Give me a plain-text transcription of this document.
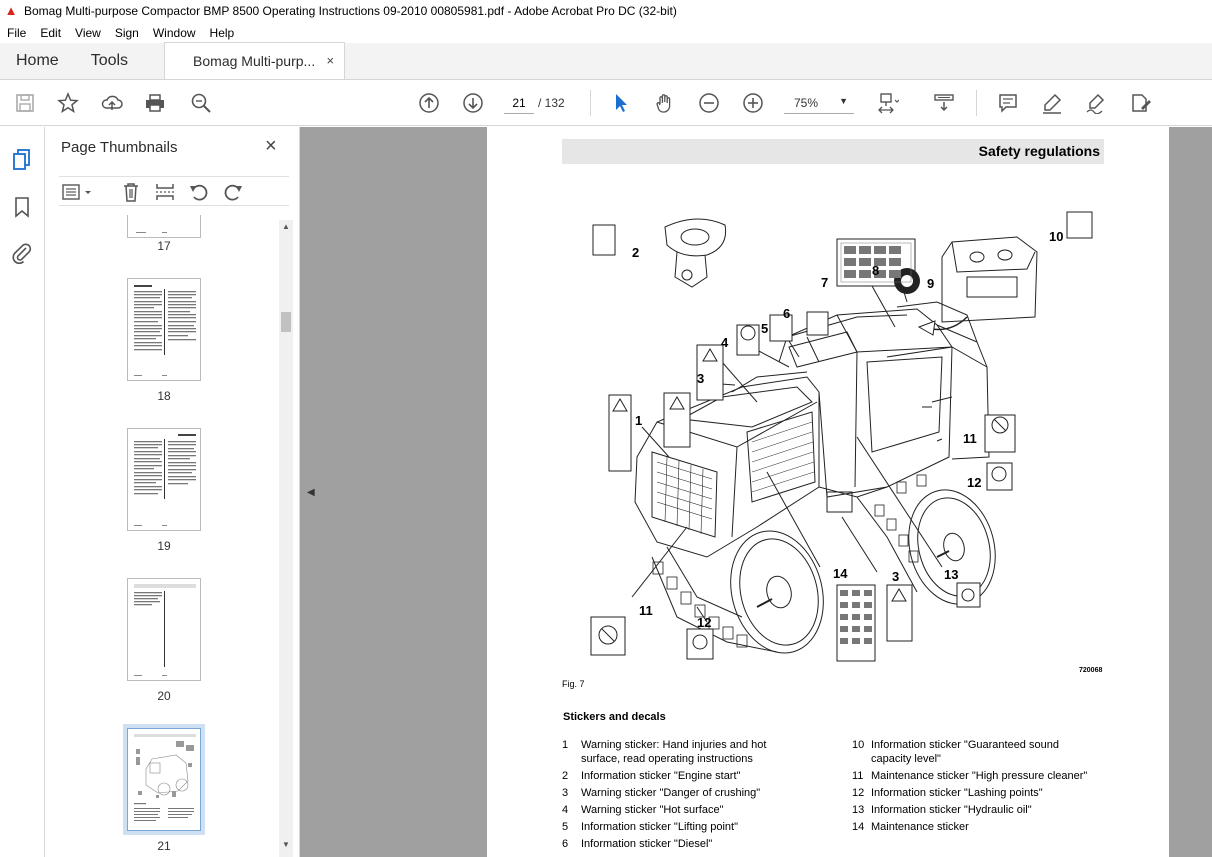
▲ Bomag Multi-purpose Compactor BMP 8500 Operating Instructions 09-2010 00805981.pdf - Adobe Acrobat Pro DC (32-bit)
File	Edit	View	Sign	Window	Help
Home	Tools	Bomag Multi-purp... ×
21
/ 132	75% ▼
Page Thumbnails	×
17
18
19
20
21
▲
▼
◀
Safety regulations
1
2
3
4
5
6
7
8
9
10
11
12
13
14	3
11
12
720068
Fig. 7
Stickers and decals
1	Warning sticker: Hand injuries and hot surface, read operating instructions
2	Information sticker "Engine start"
3	Warning sticker "Danger of crushing"
4	Warning sticker "Hot surface"
5	Information sticker "Lifting point"
6	Information sticker "Diesel"
10 Information sticker "Guaranteed sound capacity level"
11 Maintenance sticker "High pressure cleaner"
12 Information sticker "Lashing points"
13 Information sticker "Hydraulic oil"
14 Maintenance sticker
